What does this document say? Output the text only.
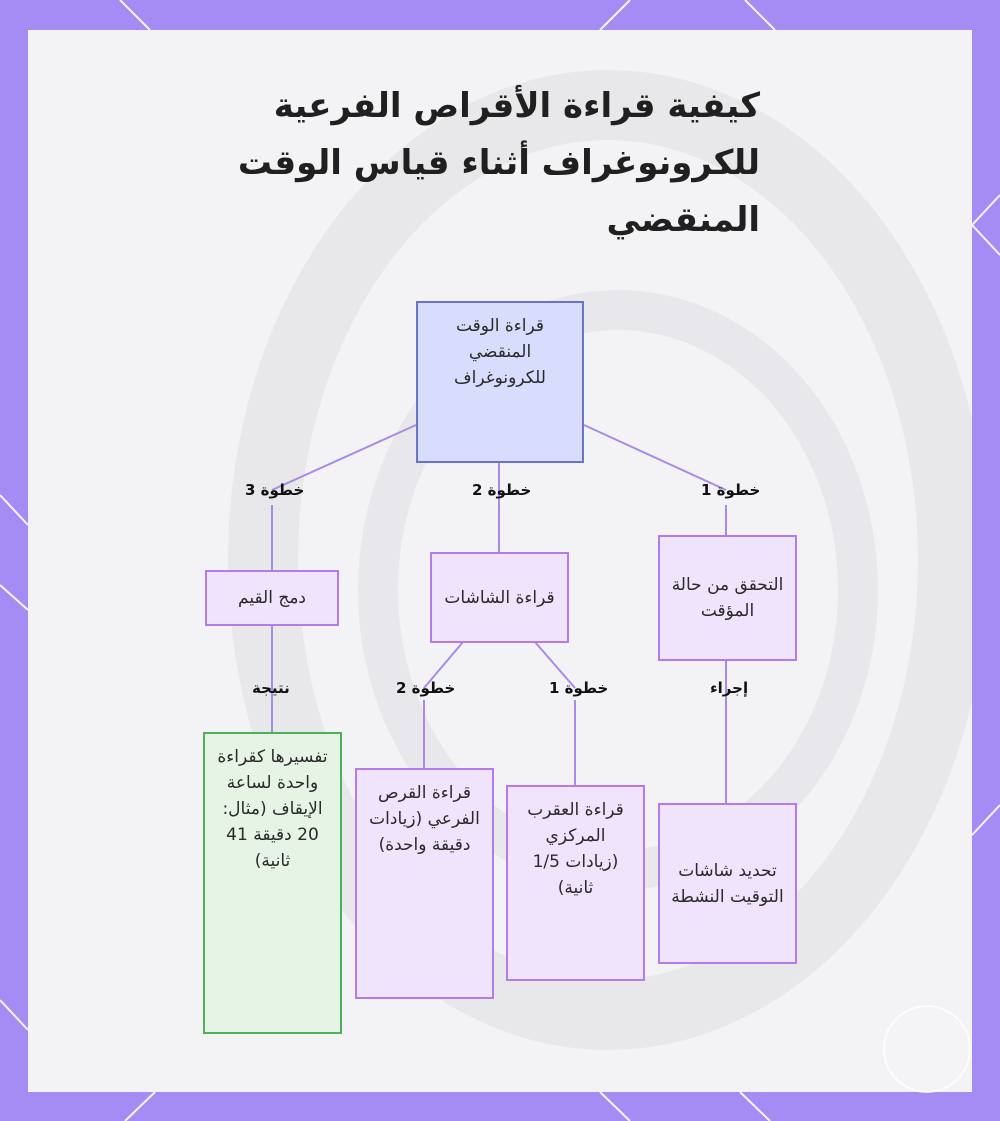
كيفية قراءة الأقراص الفرعية للكرونوغراف أثناء قياس الوقت المنقضي
قراءة الوقت المنقضي للكرونوغراف
التحقق من حالة المؤقت
قراءة الشاشات
دمج القيم
تحديد شاشات التوقيت النشطة
قراءة العقرب المركزي (زيادات 1/5 ثانية)
قراءة القرص الفرعي (زيادات دقيقة واحدة)
تفسيرها كقراءة واحدة لساعة الإيقاف (مثال: 20 دقيقة 41 ثانية)
خطوة 1
خطوة 2
خطوة 3
إجراء
خطوة 1
خطوة 2
نتيجة
